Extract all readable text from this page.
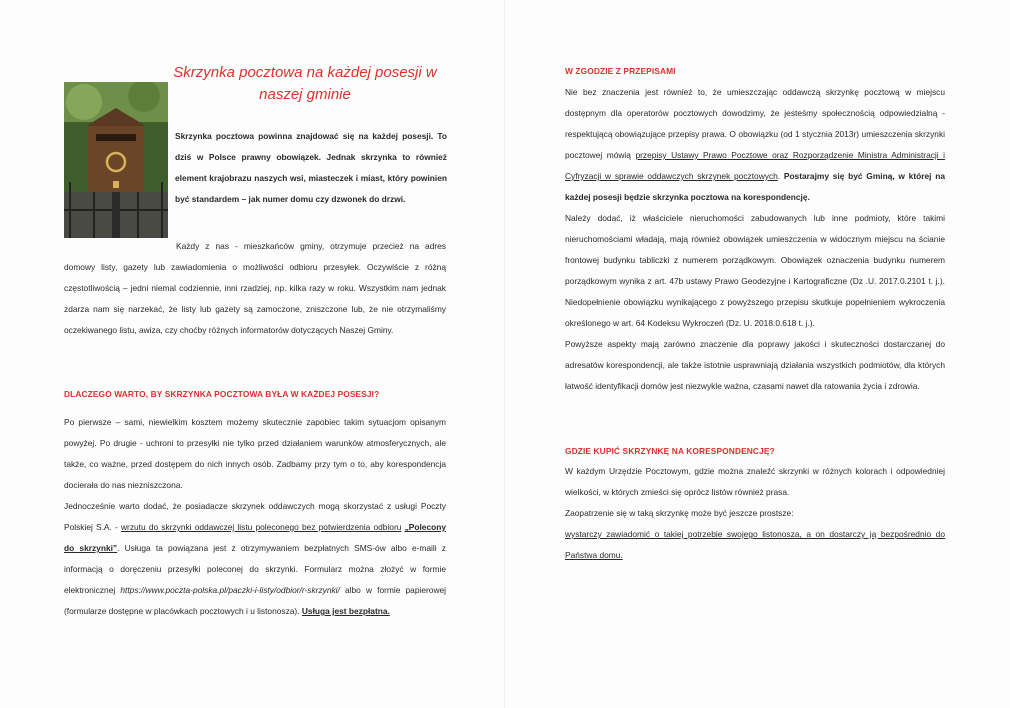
Skrzynka pocztowa na każdej posesji w naszej gminie
Skrzynka pocztowa powinna znajdować się na każdej posesji. To dziś w Polsce prawny obowiązek. Jednak skrzynka to również element krajobrazu naszych wsi, miasteczek i miast, który powinien być standardem – jak numer domu czy dzwonek do drzwi.
Każdy z nas - mieszkańców gminy, otrzymuje przecież na adres domowy listy, gazety lub zawiadomienia o możliwości odbioru przesyłek. Oczywiście z różną częstotliwością – jedni niemal codziennie, inni rzadziej, np. kilka razy w roku. Wszystkim nam jednak zdarza nam się narzekać, że listy lub gazety są zamoczone, zniszczone lub, że nie otrzymaliśmy oczekiwanego listu, awiza, czy choćby różnych informatorów dotyczących Naszej Gminy.
DLACZEGO WARTO, BY SKRZYNKA POCZTOWA BYŁA W KAŻDEJ POSESJI?
Po pierwsze – sami, niewielkim kosztem możemy skutecznie zapobiec takim sytuacjom opisanym powyżej. Po drugie - uchroni to przesyłki nie tylko przed działaniem warunków atmosferycznych, ale także, co ważne, przed dostępem do nich innych osób. Zadbamy przy tym o to, aby korespondencja docierała do nas niezniszczona.
Jednocześnie warto dodać, że posiadacze skrzynek oddawczych mogą skorzystać z usługi Poczty Polskiej S.A. - wrzutu do skrzynki oddawczej listu poleconego bez potwierdzenia odbioru „Polecony do skrzynki”. Usługa ta powiązana jest z otrzymywaniem bezpłatnych SMS-ów albo e-maili z informacją o doręczeniu przesyłki poleconej do skrzynki. Formularz można złożyć w formie elektronicznej https://www.poczta-polska.pl/paczki-i-listy/odbior/r-skrzynki/ albo w formie papierowej (formularze dostępne w placówkach pocztowych i u listonosza). Usługa jest bezpłatna.
W ZGODZIE Z PRZEPISAMI
Nie bez znaczenia jest również to, że umieszczając oddawczą skrzynkę pocztową w miejscu dostępnym dla operatorów pocztowych dowodzimy, że jesteśmy społecznością odpowiedzialną - respektującą obowiązujące przepisy prawa. O obowiązku (od 1 stycznia 2013r) umieszczenia skrzynki pocztowej mówią przepisy Ustawy Prawo Pocztowe oraz Rozporządzenie Ministra Administracji i Cyfryzacji w sprawie oddawczych skrzynek pocztowych. Postarajmy się być Gminą, w której na każdej posesji będzie skrzynka pocztowa na korespondencję.
Należy dodać, iż właściciele nieruchomości zabudowanych lub inne podmioty, które takimi nieruchomościami władają, mają również obowiązek umieszczenia w widocznym miejscu na ścianie frontowej budynku tabliczki z numerem porządkowym. Obowiązek oznaczenia budynku numerem porządkowym wynika z art. 47b ustawy Prawo Geodezyjne i Kartograficzne (Dz .U. 2017.0.2101 t. j.). Niedopełnienie obowiązku wynikającego z powyższego przepisu skutkuje popełnieniem wykroczenia określonego w art. 64 Kodeksu Wykroczeń (Dz. U. 2018.0.618 t. j.).
Powyższe aspekty mają zarówno znaczenie dla poprawy jakości i skuteczności dostarczanej do adresatów korespondencji, ale także istotnie usprawniają działania wszystkich podmiotów, dla których łatwość identyfikacji domów jest niezwykle ważna, czasami nawet dla ratowania życia i zdrowia.
GDZIE KUPIĆ SKRZYNKĘ NA KORESPONDENCJĘ?
W każdym Urzędzie Pocztowym, gdzie można znaleźć skrzynki w różnych kolorach i odpowiedniej wielkości, w których zmieści się oprócz listów również prasa.
Zaopatrzenie się w taką skrzynkę może być jeszcze prostsze:
wystarczy zawiadomić o takiej potrzebie swojego listonosza, a on dostarczy ją bezpośrednio do Państwa domu.
